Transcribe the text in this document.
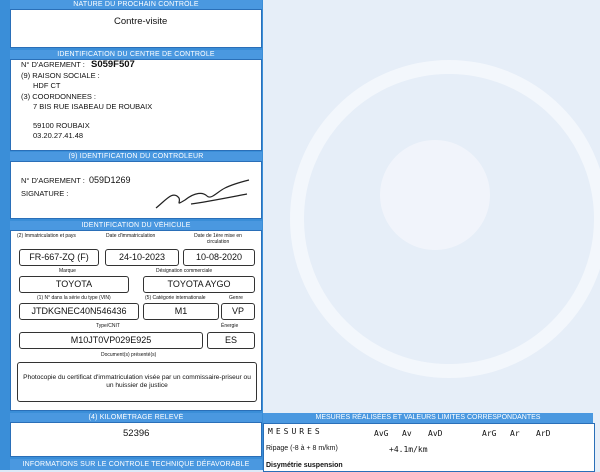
NATURE DU PROCHAIN CONTRÔLE
Contre-visite
IDENTIFICATION DU CENTRE DE CONTRÔLE
N° D'AGREMENT : S059F507
(9) RAISON SOCIALE :
HDF CT
(3) COORDONNEES :
7 BIS RUE ISABEAU DE ROUBAIX
59100 ROUBAIX
03.20.27.41.48
(9) IDENTIFICATION DU CONTRÔLEUR
N° D'AGREMENT : 059D1269
SIGNATURE :
IDENTIFICATION DU VÉHICULE
(2) Immatriculation et pays	Date d'immatriculation	Date de 1ère mise en circulation
FR-667-ZQ (F)	24-10-2023	10-08-2020
Marque	Désignation commerciale
TOYOTA	TOYOTA AYGO
(1) N° dans la série du type (VIN)	(5) Catégorie internationale	Genre
JTDKGNEC40N546436	M1	VP
Type/CNIT	Énergie
M10JT0VP029E925	ES
Document(s) présenté(s)
Photocopie du certificat d'immatriculation visée par un commissaire-priseur ou un huissier de justice
(4) KILOMÉTRAGE RELEVÉ
52396
INFORMATIONS SUR LE CONTROLE TECHNIQUE DÉFAVORABLE
MESURES RÉALISÉES ET VALEURS LIMITES CORRESPONDANTES
MESURES	AvG Av AvD	ArG Ar ArD
Ripage (-8 à + 8 m/km)	+4.1m/km
Disymétrie suspension
